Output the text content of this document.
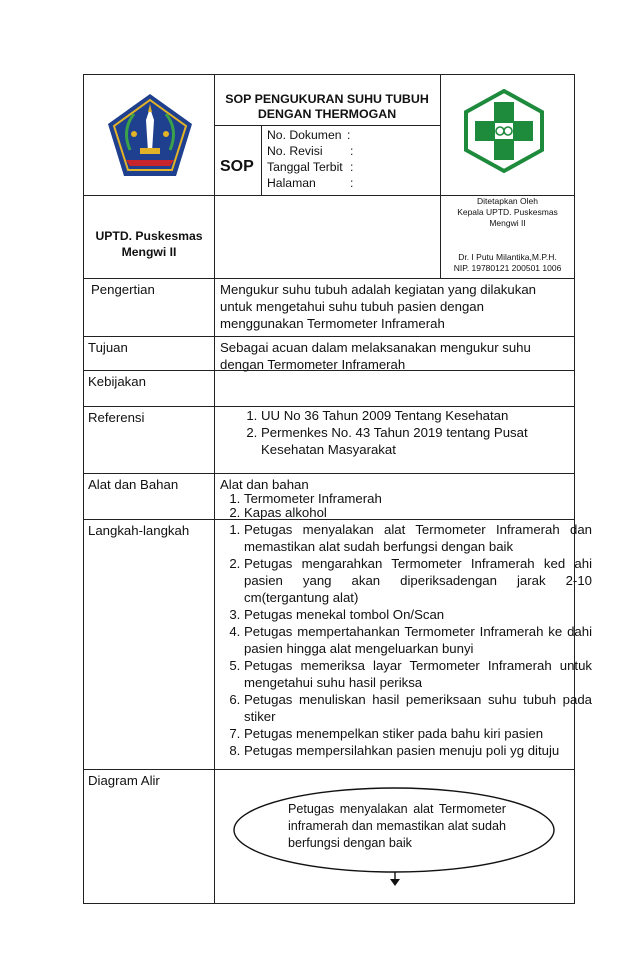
SOP PENGUKURAN SUHU TUBUH
DENGAN THERMOGAN
SOP
No. Dokumen :
No. Revisi :
Tanggal Terbit :
Halaman	:
UPTD. Puskesmas
Mengwi II
Ditetapkan Oleh
Kepala UPTD. Puskesmas
Mengwi II
Dr. I Putu Milantika,M.P.H.
NIP. 19780121 200501 1006
Pengertian
Tujuan
Kebijakan
Referensi
Alat dan Bahan
Langkah-langkah
Diagram Alir
Mengukur suhu tubuh adalah kegiatan yang dilakukan untuk mengetahui suhu tubuh pasien dengan menggunakan Termometer Inframerah
Sebagai acuan dalam melaksanakan mengukur suhu dengan Termometer Inframerah
1. UU No 36 Tahun 2009 Tentang Kesehatan
2. Permenkes No. 43 Tahun 2019 tentang Pusat Kesehatan Masyarakat
Alat dan bahan
1. Termometer Inframerah
2. Kapas alkohol
1. Petugas menyalakan alat Termometer Inframerah dan memastikan alat sudah berfungsi dengan baik
2. Petugas mengarahkan Termometer Inframerah ked ahi pasien yang akan diperiksadengan jarak 2-10 cm(tergantung alat)
3. Petugas menekal tombol On/Scan
4. Petugas mempertahankan Termometer Inframerah ke dahi pasien hingga alat mengeluarkan bunyi
5. Petugas memeriksa layar Termometer Inframerah untuk mengetahui suhu hasil periksa
6. Petugas menuliskan hasil pemeriksaan suhu tubuh pada stiker
7. Petugas menempelkan stiker pada bahu kiri pasien
8. Petugas mempersilahkan pasien menuju poli yg dituju
Petugas menyalakan alat Termometer inframerah dan memastikan alat sudah berfungsi dengan baik
